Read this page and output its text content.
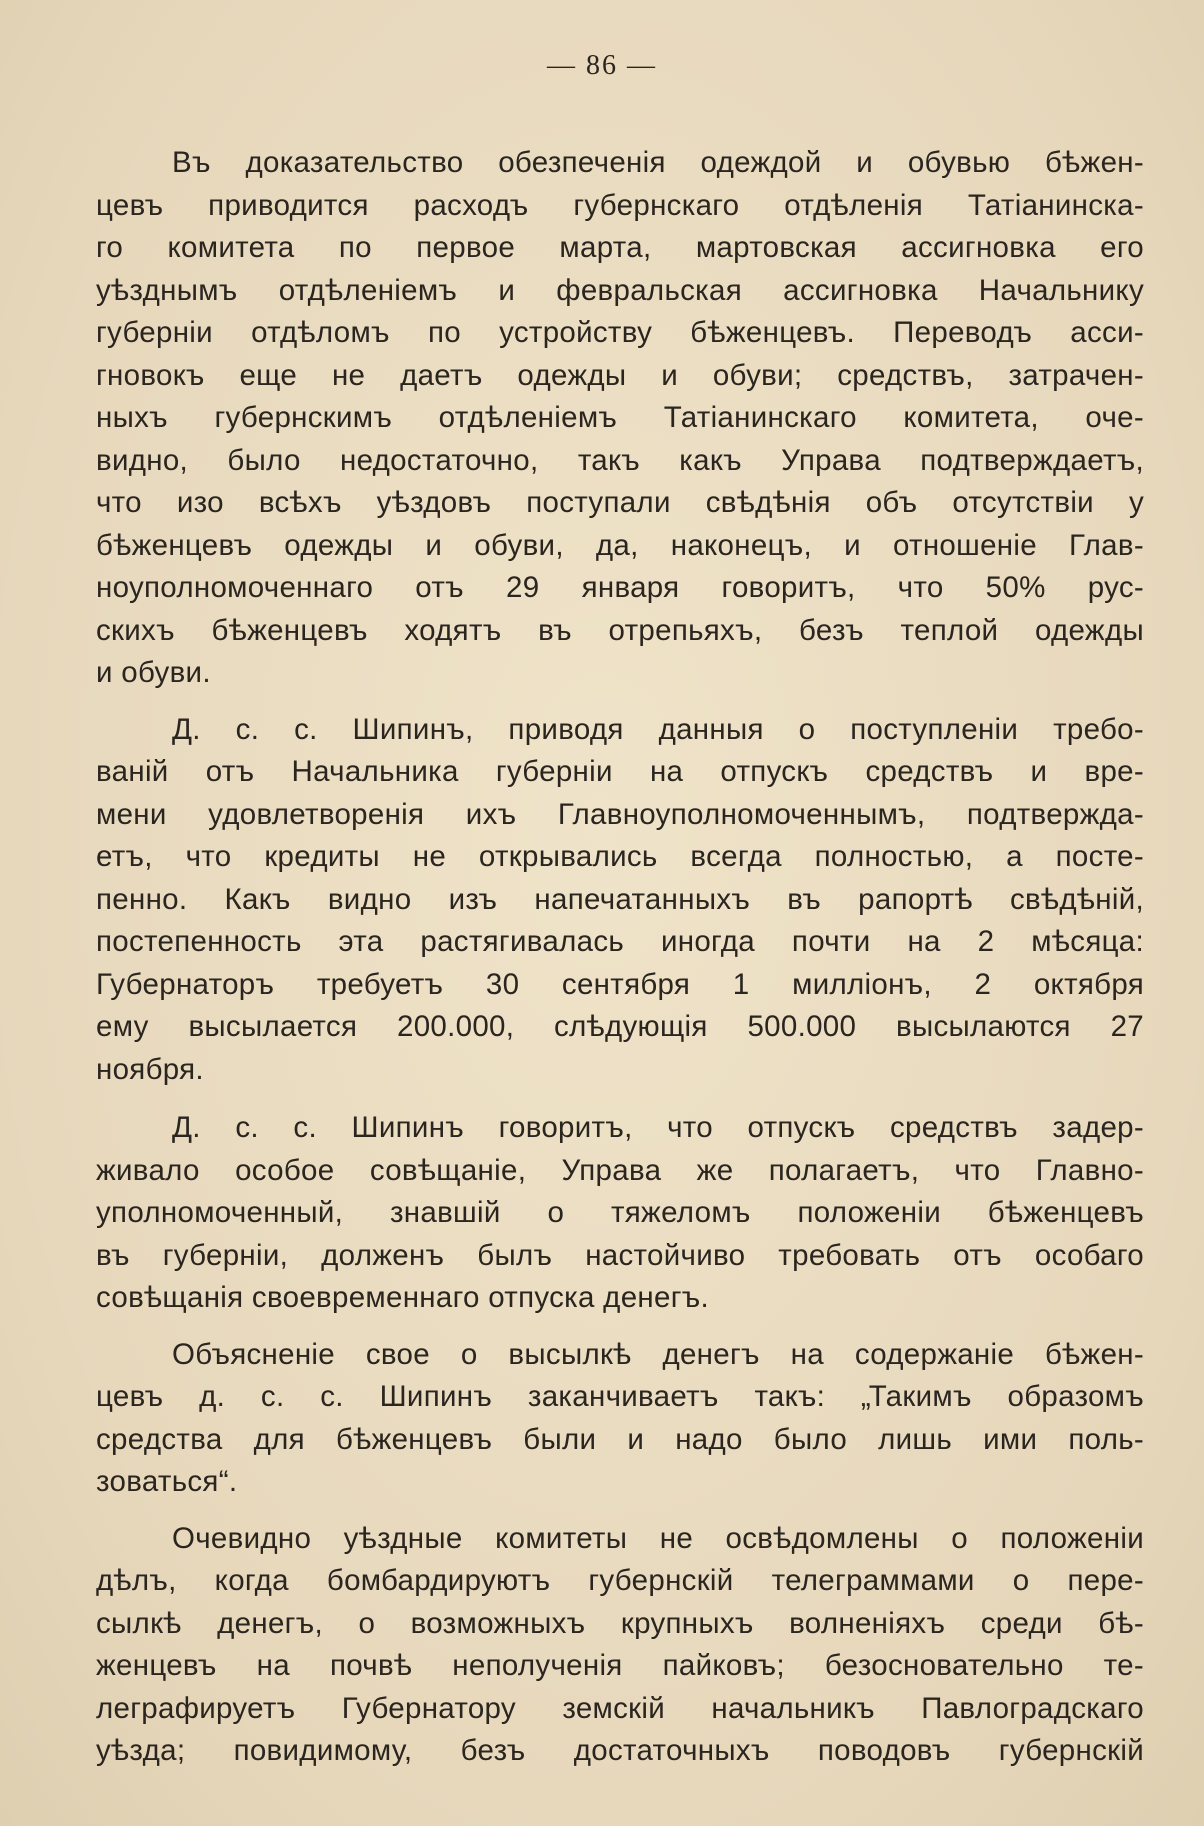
— 86 —
Въ доказательство обезпеченія одеждой и обувью бѣжен-
цевъ приводится расходъ губернскаго отдѣленія Татіанинска-
го комитета по первое марта, мартовская ассигновка его
уѣзднымъ отдѣленіемъ и февральская ассигновка Начальнику
губерніи отдѣломъ по устройству бѣженцевъ. Переводъ асси-
гновокъ еще не даетъ одежды и обуви; средствъ, затрачен-
ныхъ губернскимъ отдѣленіемъ Татіанинскаго комитета, оче-
видно, было недостаточно, такъ какъ Управа подтверждаетъ,
что изо всѣхъ уѣздовъ поступали свѣдѣнія объ отсутствіи у
бѣженцевъ одежды и обуви, да, наконецъ, и отношеніе Глав-
ноуполномоченнаго отъ 29 января говоритъ, что 50% рус-
скихъ бѣженцевъ ходятъ въ отрепьяхъ, безъ теплой одежды
и обуви.
Д. с. с. Шипинъ, приводя данныя о поступленіи требо-
ваній отъ Начальника губерніи на отпускъ средствъ и вре-
мени удовлетворенія ихъ Главноуполномоченнымъ, подтвержда-
етъ, что кредиты не открывались всегда полностью, а посте-
пенно. Какъ видно изъ напечатанныхъ въ рапортѣ свѣдѣній,
постепенность эта растягивалась иногда почти на 2 мѣсяца:
Губернаторъ требуетъ 30 сентября 1 милліонъ, 2 октября
ему высылается 200.000, слѣдующія 500.000 высылаются 27
ноября.
Д. с. с. Шипинъ говоритъ, что отпускъ средствъ задер-
живало особое совѣщаніе, Управа же полагаетъ, что Главно-
уполномоченный, знавшій о тяжеломъ положеніи бѣженцевъ
въ губерніи, долженъ былъ настойчиво требовать отъ особаго
совѣщанія своевременнаго отпуска денегъ.
Объясненіе свое о высылкѣ денегъ на содержаніе бѣжен-
цевъ д. с. с. Шипинъ заканчиваетъ такъ: „Такимъ образомъ
средства для бѣженцевъ были и надо было лишь ими поль-
зоваться“.
Очевидно уѣздные комитеты не освѣдомлены о положеніи
дѣлъ, когда бомбардируютъ губернскій телеграммами о пере-
сылкѣ денегъ, о возможныхъ крупныхъ волненіяхъ среди бѣ-
женцевъ на почвѣ неполученія пайковъ; безосновательно те-
леграфируетъ Губернатору земскій начальникъ Павлоградскаго
уѣзда; повидимому, безъ достаточныхъ поводовъ губернскій
